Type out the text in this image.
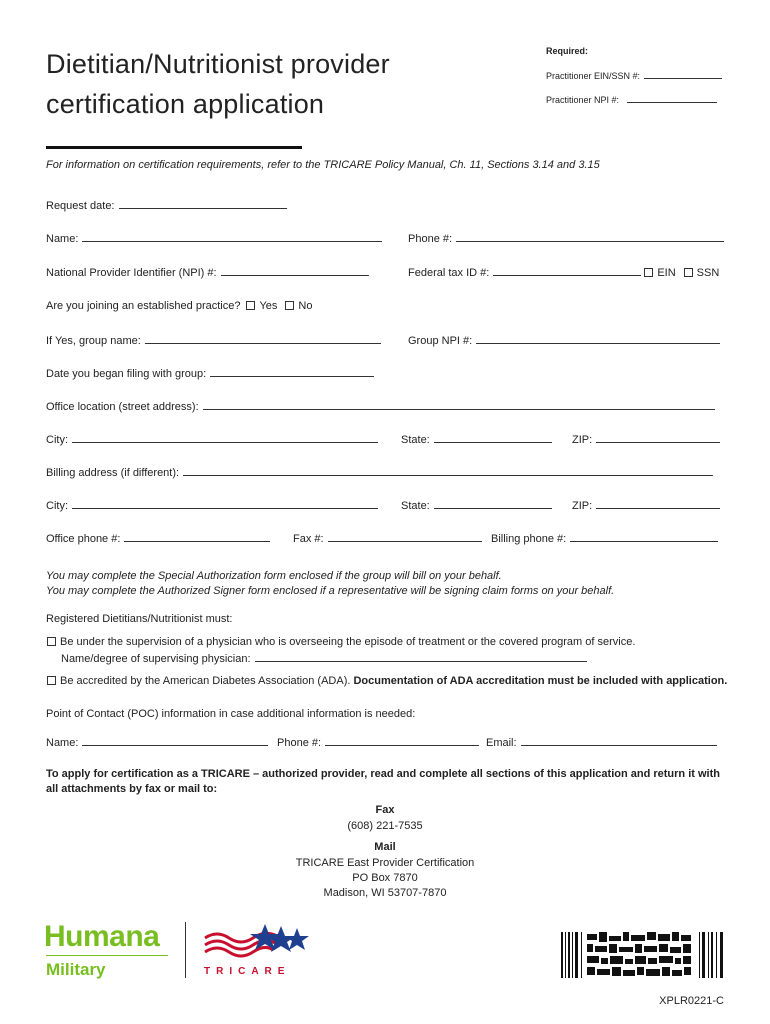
Dietitian/Nutritionist provider
certification application
Required:
Practitioner EIN/SSN #:
Practitioner NPI #:
For information on certification requirements, refer to the TRICARE Policy Manual, Ch. 11, Sections 3.14 and 3.15
Request date:
Name:	Phone #:
National Provider Identifier (NPI) #:	Federal tax ID #:	EIN SSN
Are you joining an established practice? Yes No
If Yes, group name:	Group NPI #:
Date you began filing with group:
Office location (street address):
City:	State:	ZIP:
Billing address (if different):
City:	State:	ZIP:
Office phone #:	Fax #:	Billing phone #:
You may complete the Special Authorization form enclosed if the group will bill on your behalf.
You may complete the Authorized Signer form enclosed if a representative will be signing claim forms on your behalf.
Registered Dietitians/Nutritionist must:
Be under the supervision of a physician who is overseeing the episode of treatment or the covered program of service.
Name/degree of supervising physician:
Be accredited by the American Diabetes Association (ADA). Documentation of ADA accreditation must be included with application.
Point of Contact (POC) information in case additional information is needed:
Name:	Phone #:	Email:
To apply for certification as a TRICARE – authorized provider, read and complete all sections of this application and return it with
all attachments by fax or mail to:
Fax
(608) 221-7535
Mail
TRICARE East Provider Certification
PO Box 7870
Madison, WI 53707-7870
Humana
Military	TRICARE
XPLR0221-C
